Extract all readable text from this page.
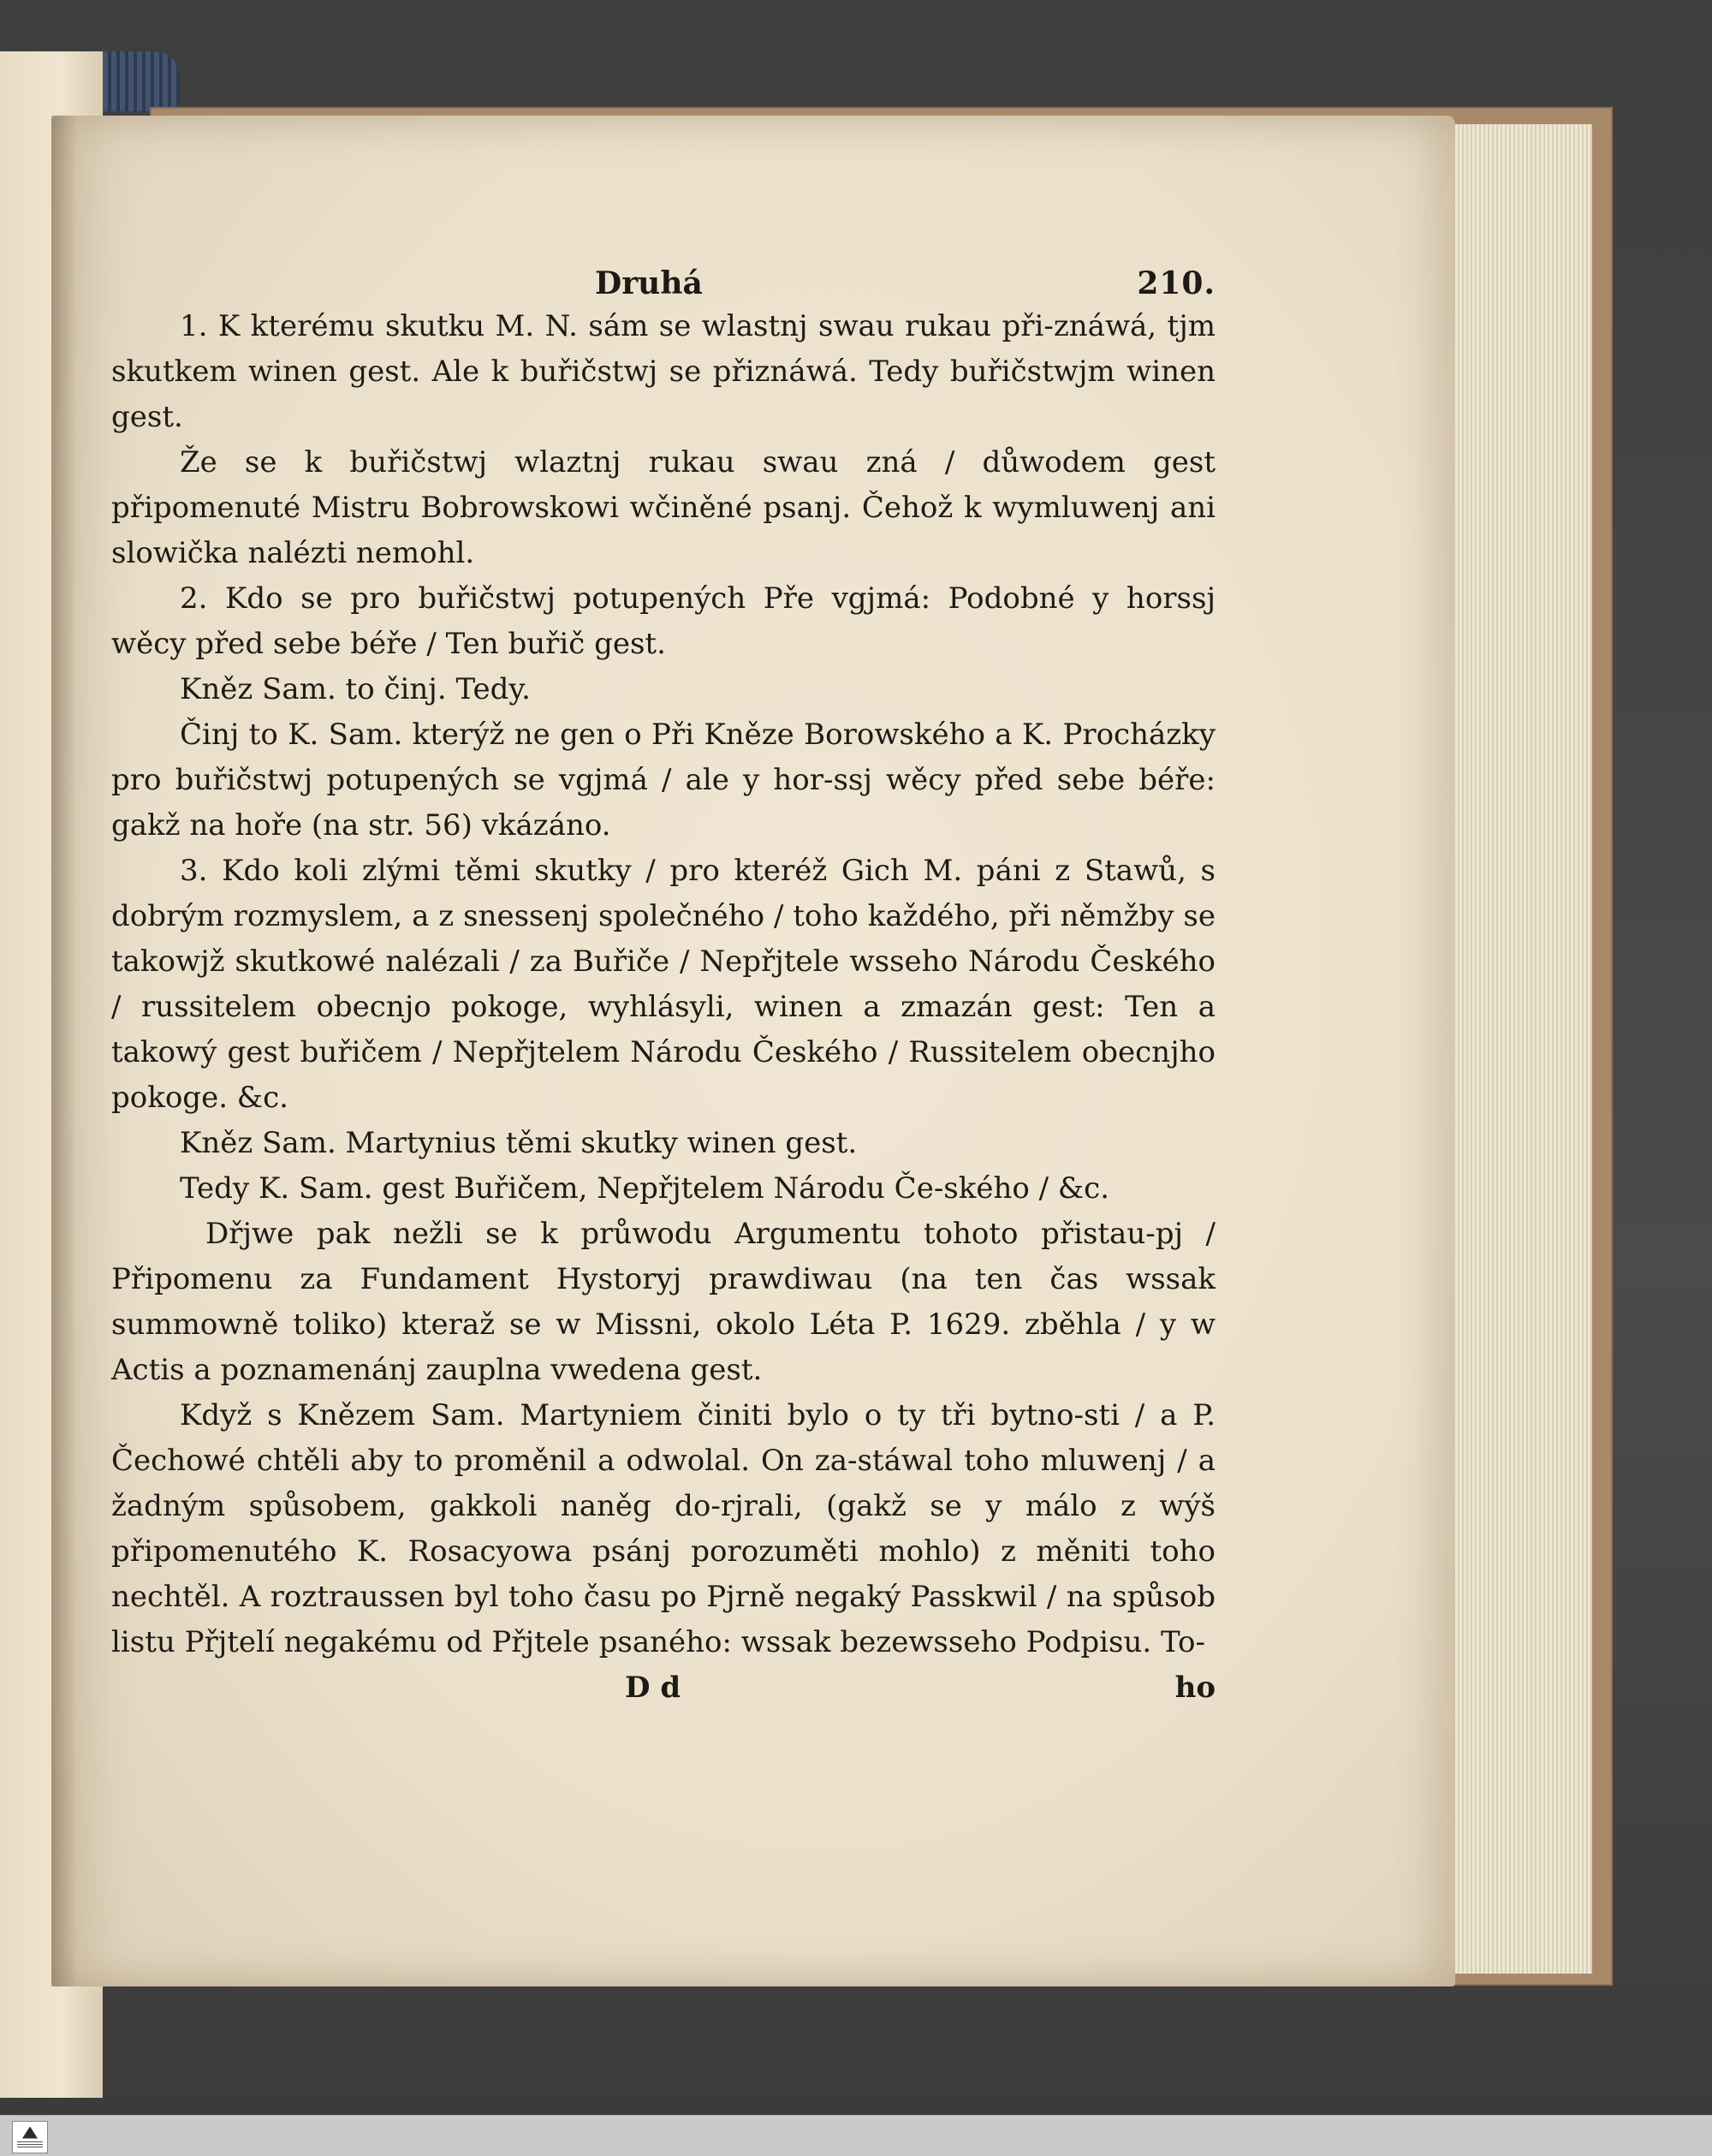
Druhá	210.

1. K kterému skutku M. N. sám se wlastnj swau rukau při-znáwá, tjm skutkem winen gest. Ale k buřičstwj se přiznáwá. Tedy buřičstwjm winen gest.

Že se k buřičstwj wlaztnj rukau swau zná / důwodem gest připomenuté Mistru Bobrowskowi wčiněné psanj. Čehož k wymluwenj ani slowička nalézti nemohl.

2. Kdo se pro buřičstwj potupených Pře vgjmá: Podobné y horssj wěcy před sebe béře / Ten buřič gest.

Kněz Sam. to činj. Tedy.

Činj to K. Sam. kterýž ne gen o Při Kněze Borowského a K. Procházky pro buřičstwj potupených se vgjmá / ale y hor-ssj wěcy před sebe béře: gakž na hoře (na str. 56) vkázáno.

3. Kdo koli zlými těmi skutky / pro kteréž Gich M. páni z Stawů, s dobrým rozmyslem, a z snessenj společného / toho každého, při němžby se takowjž skutkowé nalézali / za Buřiče / Nepřjtele wsseho Národu Českého / russitelem obecnjo pokoge, wyhlásyli, winen a zmazán gest: Ten a takowý gest buřičem / Nepřjtelem Národu Českého / Russitelem obecnjho pokoge. &c.

Kněz Sam. Martynius těmi skutky winen gest.

Tedy K. Sam. gest Buřičem, Nepřjtelem Národu Če-ského / &c.

Dřjwe pak nežli se k průwodu Argumentu tohoto přistau-pj / Připomenu za Fundament Hystoryj prawdiwau (na ten čas wssak summowně toliko) kteraž se w Missni, okolo Léta P. 1629. zběhla / y w Actis a poznamenánj zauplna vwedena gest.

Když s Knězem Sam. Martyniem činiti bylo o ty tři bytno-sti / a P. Čechowé chtěli aby to proměnil a odwolal. On za-stáwal toho mluwenj / a žadným spůsobem, gakkoli naněg do-rjrali, (gakž se y málo z wýš připomenutého K. Rosacyowa psánj porozuměti mohlo) z měniti toho nechtěl. A roztraussen byl toho času po Pjrně negaký Passkwil / na spůsob listu Přjtelí negakému od Přjtele psaného: wssak bezewsseho Podpisu. To-

D d	ho
